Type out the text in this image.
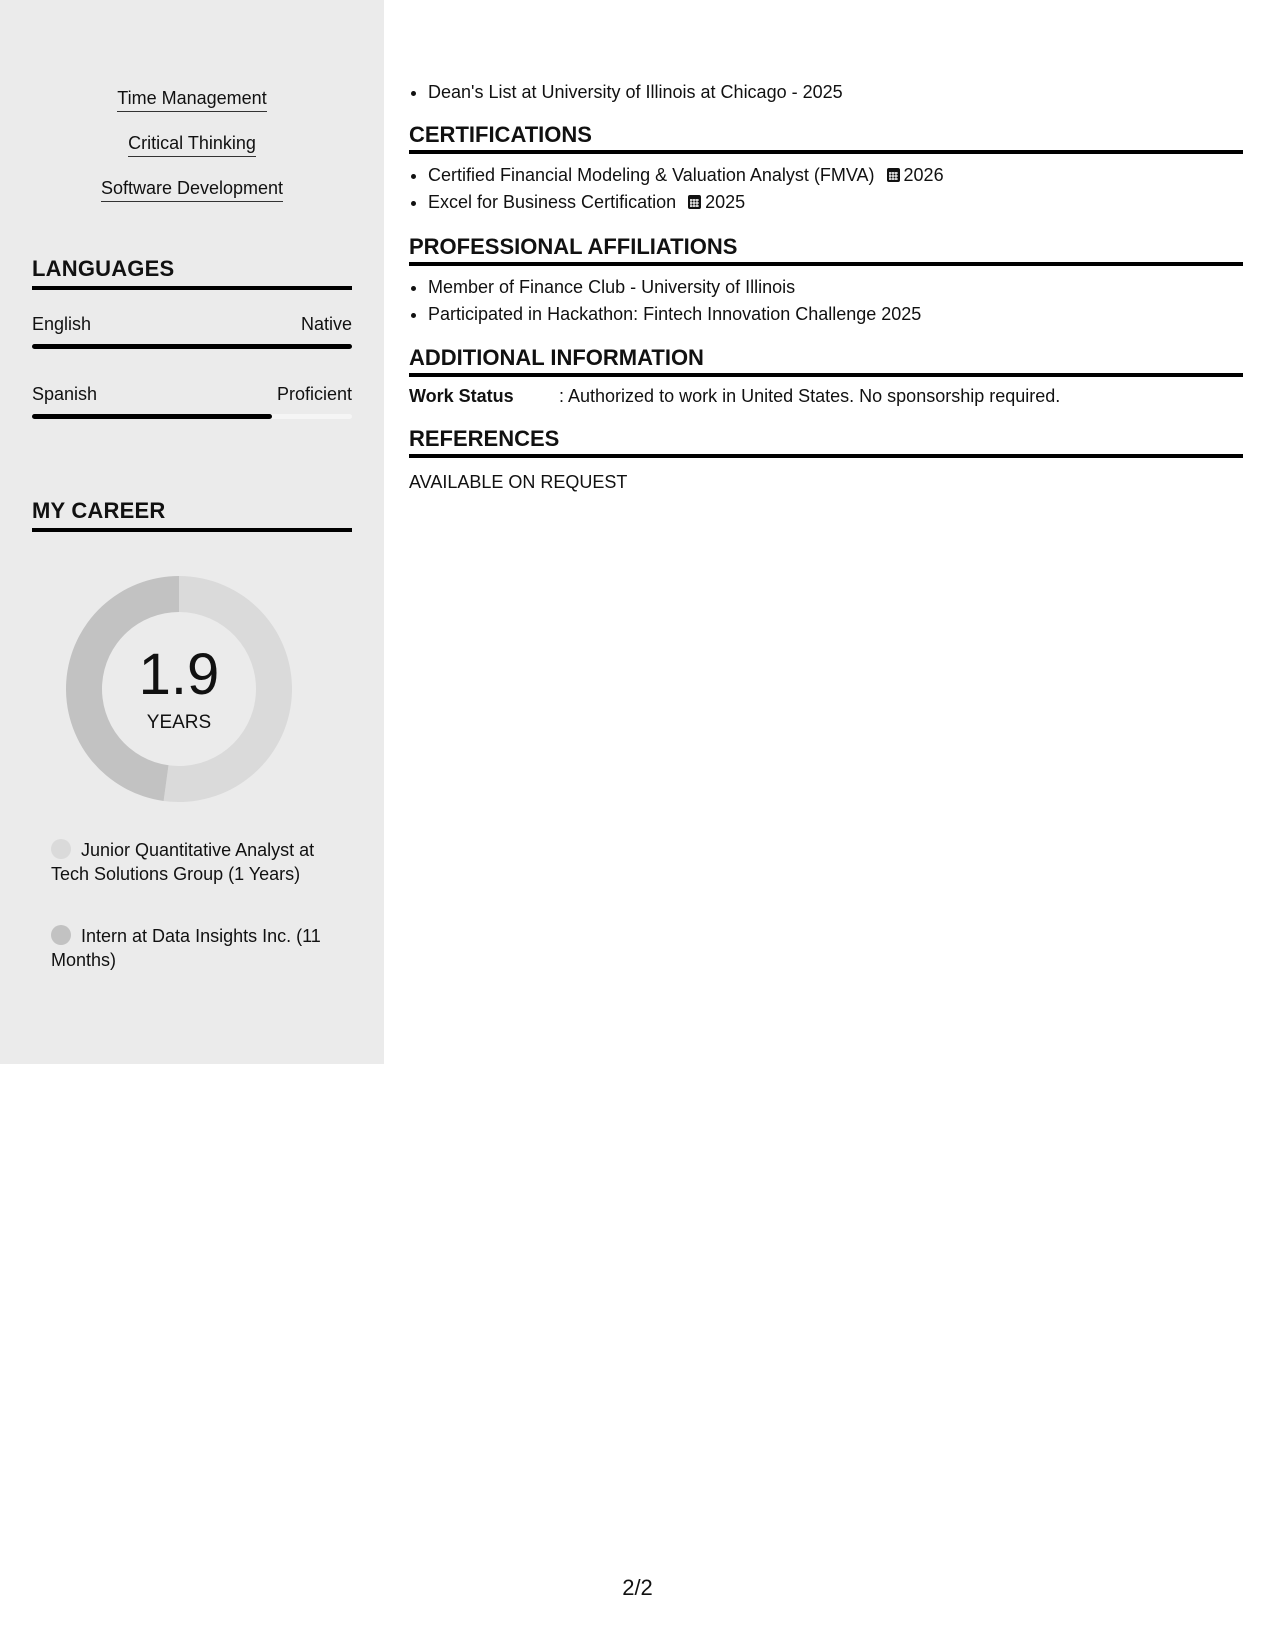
Time Management
Critical Thinking
Software Development
LANGUAGES
English	Native
Spanish	Proficient
MY CAREER
1.9
YEARS
Junior Quantitative Analyst at Tech Solutions Group (1 Years)
Intern at Data Insights Inc. (11 Months)
• Dean's List at University of Illinois at Chicago - 2025
CERTIFICATIONS
• Certified Financial Modeling & Valuation Analyst (FMVA) 2026
• Excel for Business Certification 2025
PROFESSIONAL AFFILIATIONS
• Member of Finance Club - University of Illinois
• Participated in Hackathon: Fintech Innovation Challenge 2025
ADDITIONAL INFORMATION
Work Status	: Authorized to work in United States. No sponsorship required.
REFERENCES
AVAILABLE ON REQUEST
2/2
